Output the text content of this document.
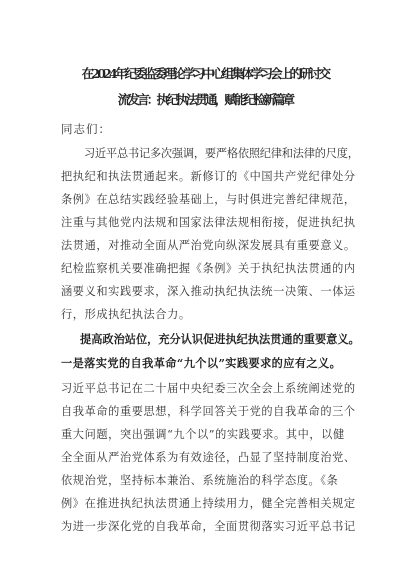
在2024年纪委监委理论学习中心组集体学习会上的研讨交
流发言：执纪执法贯通，赋能纪检新篇章
同志们：
习近平总书记多次强调，要严格依照纪律和法律的尺度，
把执纪和执法贯通起来。新修订的《中国共产党纪律处分
条例》在总结实践经验基础上，与时俱进完善纪律规范，
注重与其他党内法规和国家法律法规相衔接，促进执纪执
法贯通，对推动全面从严治党向纵深发展具有重要意义。
纪检监察机关要准确把握《条例》关于执纪执法贯通的内
涵要义和实践要求，深入推动执纪执法统一决策、一体运
行，形成执纪执法合力。
提高政治站位，充分认识促进执纪执法贯通的重要意义。
一是落实党的自我革命“九个以”实践要求的应有之义。
习近平总书记在二十届中央纪委三次全会上系统阐述党的
自我革命的重要思想，科学回答关于党的自我革命的三个
重大问题，突出强调“九个以”的实践要求。其中，以健
全全面从严治党体系为有效途径，凸显了坚持制度治党、
依规治党，坚持标本兼治、系统施治的科学态度。《条
例》在推进执纪执法贯通上持续用力，健全完善相关规定
为进一步深化党的自我革命，全面贯彻落实习近平总书记
